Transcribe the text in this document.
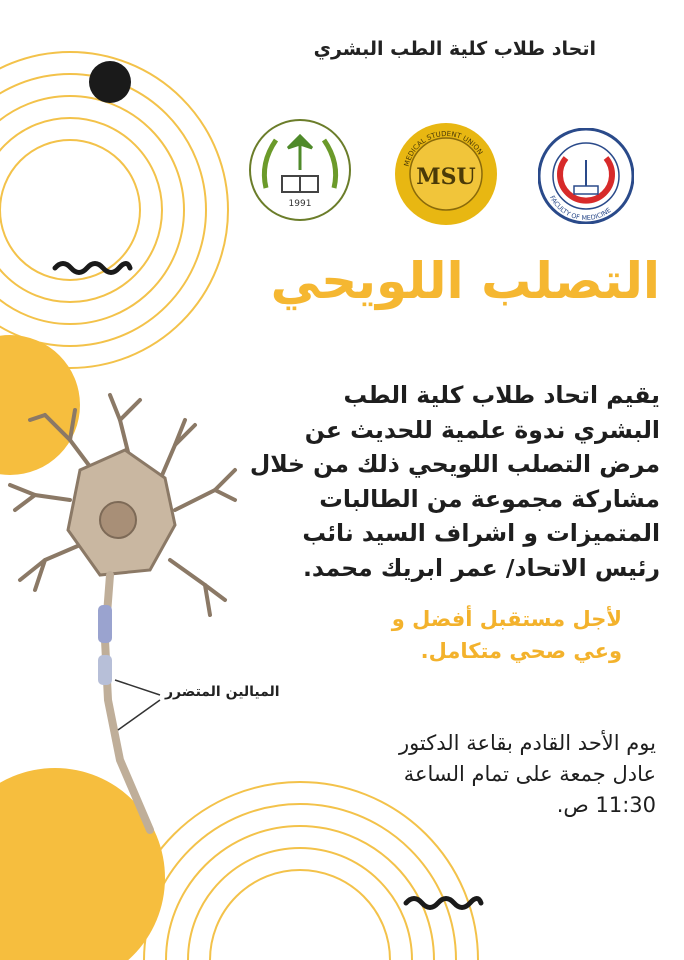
اتحاد طلاب كلية الطب البشري
1991
MSU
MEDICAL STUDENT UNION
FACULTY OF MEDICINE
التصلب اللويحي
يقيم اتحاد طلاب كلية الطب
البشري ندوة علمية للحديث عن
مرض التصلب اللويحي ذلك من خلال
مشاركة مجموعة من الطالبات
المتميزات و اشراف السيد نائب
رئيس الاتحاد/ عمر ابريك محمد.
لأجل مستقبل أفضل و
وعي صحي متكامل.
الميالين المتضرر
يوم الأحد القادم بقاعة الدكتور
عادل جمعة على تمام الساعة
11:30 ص.
